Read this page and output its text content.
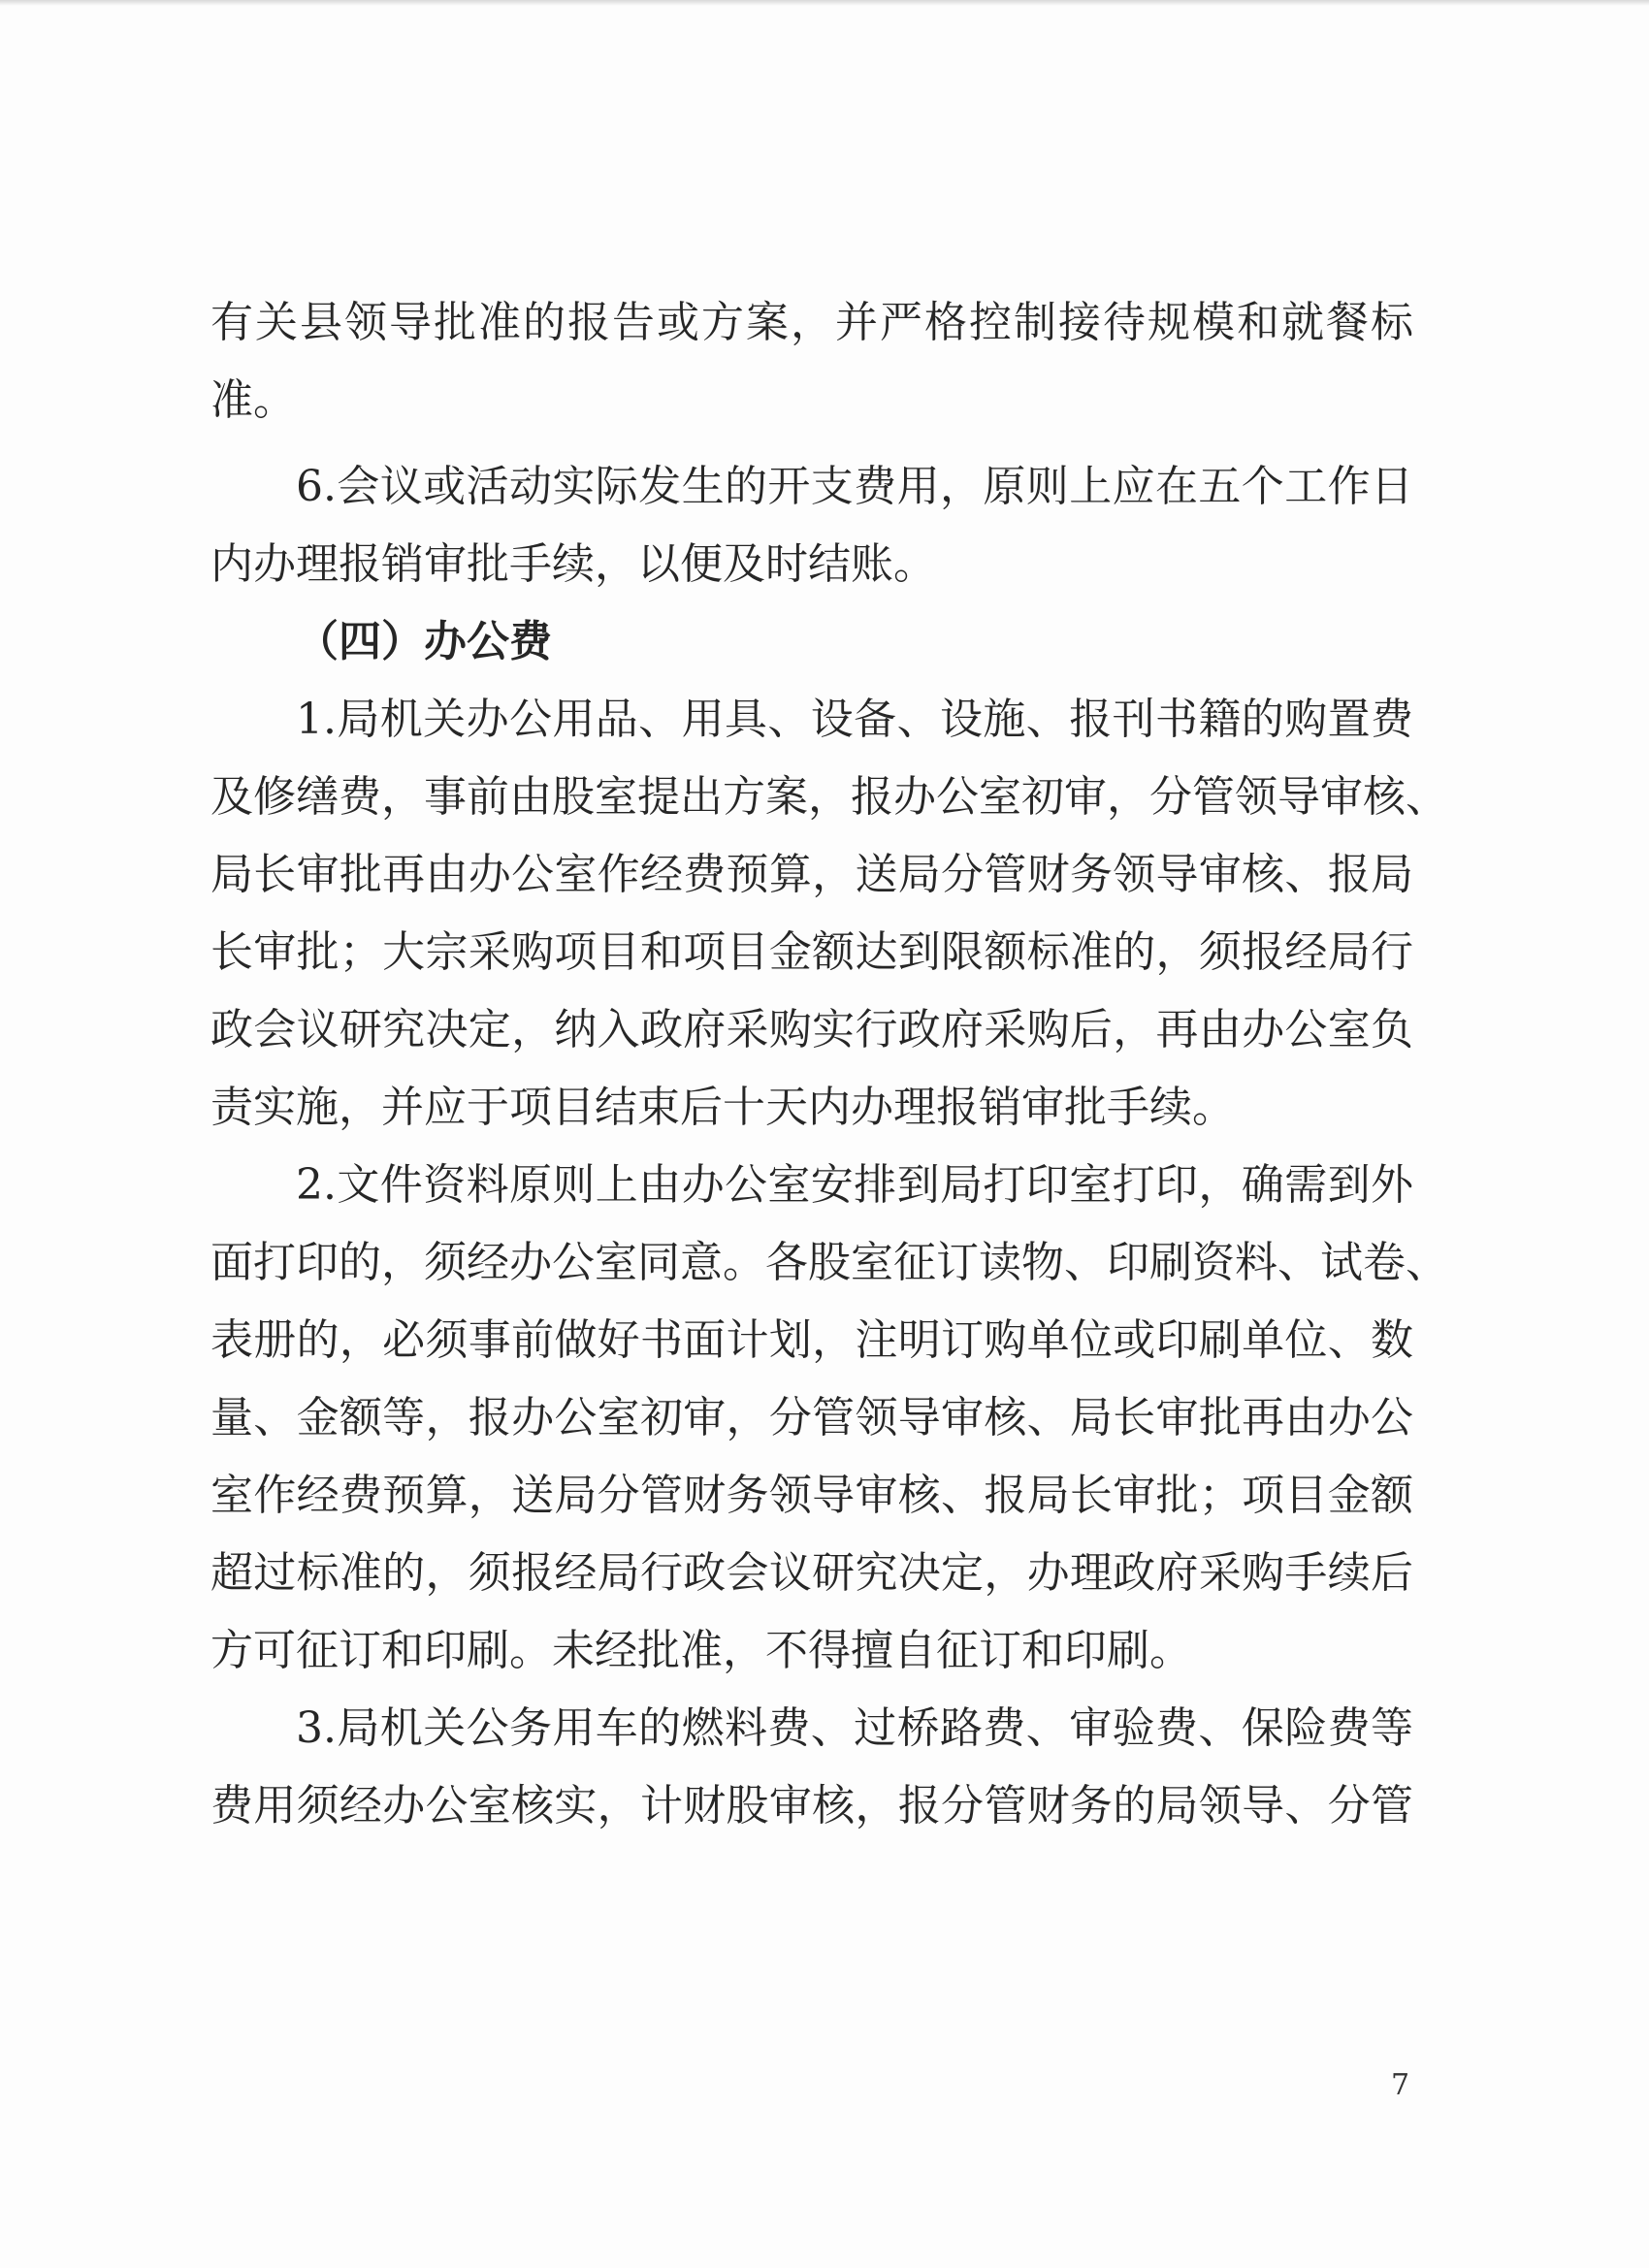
有关县领导批准的报告或方案，并严格控制接待规模和就餐标
准。
6.会议或活动实际发生的开支费用，原则上应在五个工作日
内办理报销审批手续，以便及时结账。
（四）办公费
1.局机关办公用品、用具、设备、设施、报刊书籍的购置费
及修缮费，事前由股室提出方案，报办公室初审，分管领导审核、
局长审批再由办公室作经费预算，送局分管财务领导审核、报局
长审批；大宗采购项目和项目金额达到限额标准的，须报经局行
政会议研究决定，纳入政府采购实行政府采购后，再由办公室负
责实施，并应于项目结束后十天内办理报销审批手续。
2.文件资料原则上由办公室安排到局打印室打印，确需到外
面打印的，须经办公室同意。各股室征订读物、印刷资料、试卷、
表册的，必须事前做好书面计划，注明订购单位或印刷单位、数
量、金额等，报办公室初审，分管领导审核、局长审批再由办公
室作经费预算，送局分管财务领导审核、报局长审批；项目金额
超过标准的，须报经局行政会议研究决定，办理政府采购手续后
方可征订和印刷。未经批准，不得擅自征订和印刷。
3.局机关公务用车的燃料费、过桥路费、审验费、保险费等
费用须经办公室核实，计财股审核，报分管财务的局领导、分管
7
